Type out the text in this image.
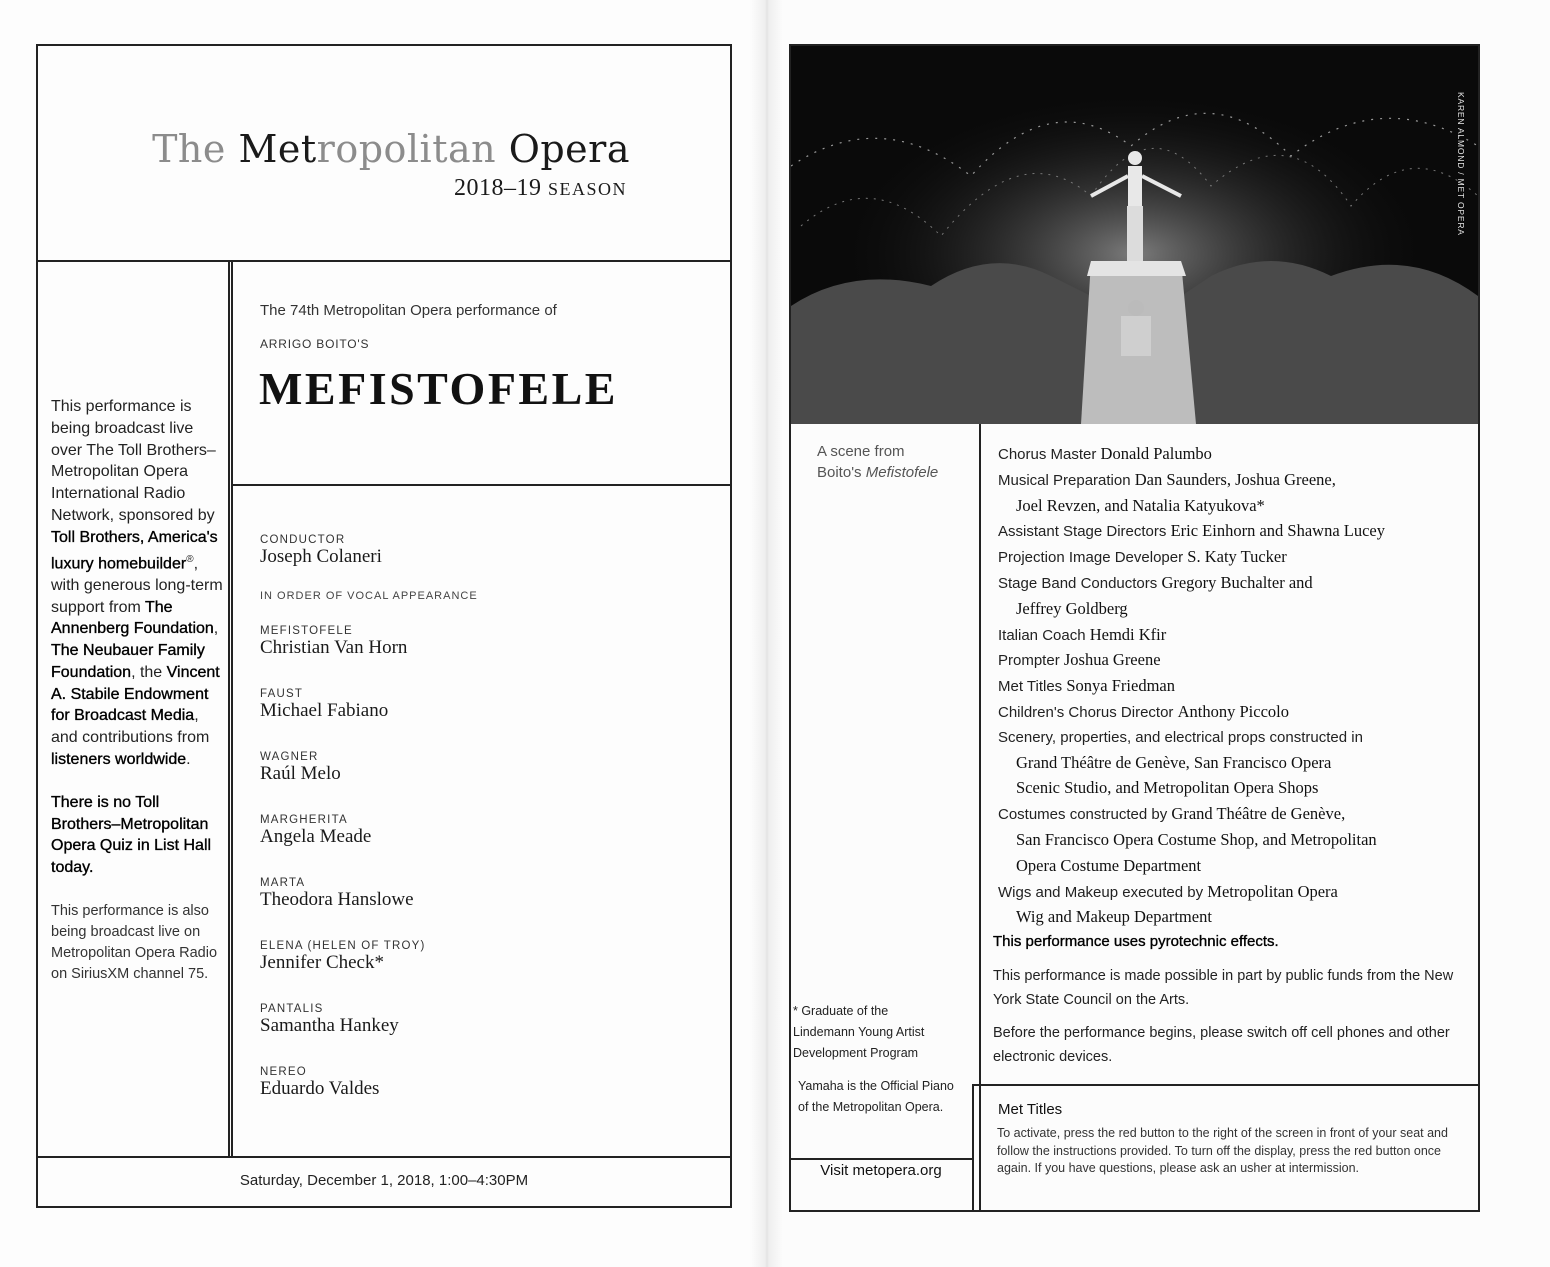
The Metropolitan Opera
2018–19 SEASON
This performance is being broadcast live over The Toll Brothers–Metropolitan Opera International Radio Network, sponsored by Toll Brothers, America's luxury homebuilder®, with generous long-term support from The Annenberg Foundation, The Neubauer Family Foundation, the Vincent A. Stabile Endowment for Broadcast Media, and contributions from listeners worldwide.
There is no Toll Brothers–Metropolitan Opera Quiz in List Hall today.
This performance is also being broadcast live on Metropolitan Opera Radio on SiriusXM channel 75.
The 74th Metropolitan Opera performance of
ARRIGO BOITO'S
MEFISTOFELE
CONDUCTOR
Joseph Colaneri
IN ORDER OF VOCAL APPEARANCE
MEFISTOFELE
Christian Van Horn
FAUST
Michael Fabiano
WAGNER
Raúl Melo
MARGHERITA
Angela Meade
MARTA
Theodora Hanslowe
ELENA (HELEN OF TROY)
Jennifer Check*
PANTALIS
Samantha Hankey
NEREO
Eduardo Valdes
Saturday, December 1, 2018, 1:00–4:30PM
KAREN ALMOND / MET OPERA
A scene from
Boito's Mefistofele
Chorus Master Donald Palumbo
Musical Preparation Dan Saunders, Joshua Greene,
Joel Revzen, and Natalia Katyukova*
Assistant Stage Directors Eric Einhorn and Shawna Lucey
Projection Image Developer S. Katy Tucker
Stage Band Conductors Gregory Buchalter and
Jeffrey Goldberg
Italian Coach Hemdi Kfir
Prompter Joshua Greene
Met Titles Sonya Friedman
Children's Chorus Director Anthony Piccolo
Scenery, properties, and electrical props constructed in
Grand Théâtre de Genève, San Francisco Opera
Scenic Studio, and Metropolitan Opera Shops
Costumes constructed by Grand Théâtre de Genève,
San Francisco Opera Costume Shop, and Metropolitan
Opera Costume Department
Wigs and Makeup executed by Metropolitan Opera
Wig and Makeup Department
This performance uses pyrotechnic effects.
This performance is made possible in part by public funds from the New York State Council on the Arts.
Before the performance begins, please switch off cell phones and other electronic devices.
* Graduate of the Lindemann Young Artist Development Program
Yamaha is the Official Piano of the Metropolitan Opera.
Visit metopera.org
Met Titles
To activate, press the red button to the right of the screen in front of your seat and follow the instructions provided. To turn off the display, press the red button once again. If you have questions, please ask an usher at intermission.
